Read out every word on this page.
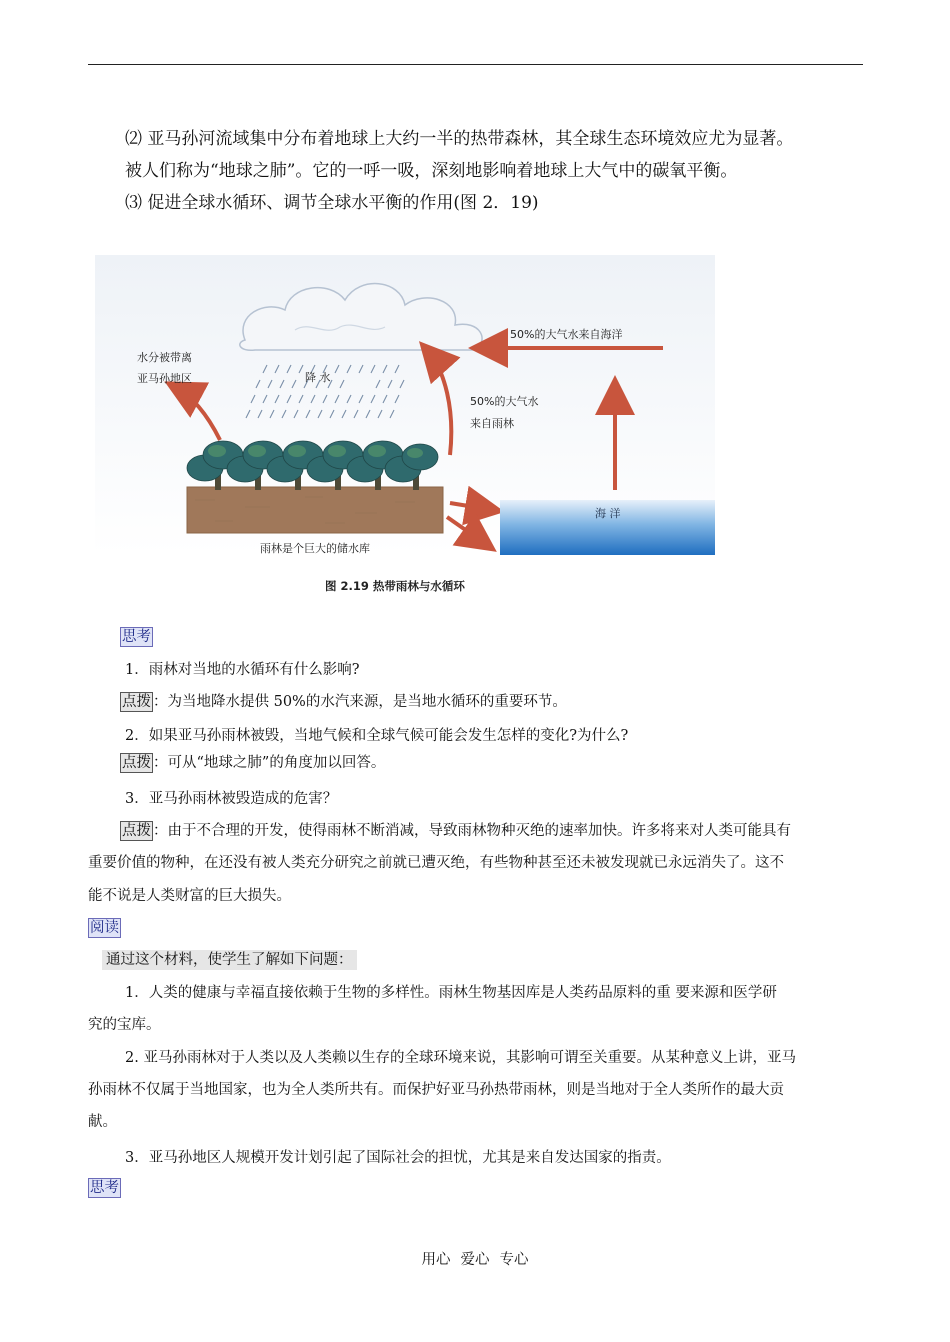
⑵ 亚马孙河流域集中分布着地球上大约一半的热带森林，其全球生态环境效应尤为显著。
被人们称为“地球之肺”。它的一呼一吸，深刻地影响着地球上大气中的碳氧平衡。
⑶ 促进全球水循环、调节全球水平衡的作用(图 2．19)
降 水
水分被带离
亚马孙地区
50%的大气水来自海洋
50%的大气水
来自雨林
雨林是个巨大的储水库
海 洋
图 2.19 热带雨林与水循环
思考
1．雨林对当地的水循环有什么影响?
点拨 ：为当地降水提供 50%的水汽来源，是当地水循环的重要环节。
2．如果亚马孙雨林被毁，当地气候和全球气候可能会发生怎样的变化?为什么?
点拨 ：可从“地球之肺”的角度加以回答。
3．亚马孙雨林被毁造成的危害？
点拨 ：由于不合理的开发，使得雨林不断消减，导致雨林物种灭绝的速率加快。许多将来对人类可能具有
重要价值的物种，在还没有被人类充分研究之前就已遭灭绝，有些物种甚至还未被发现就已永远消失了。这不
能不说是人类财富的巨大损失。
阅读
通过这个材料，使学生了解如下问题：
1．人类的健康与幸福直接依赖于生物的多样性。雨林生物基因库是人类药品原料的重 要来源和医学研
究的宝库。
2. 亚马孙雨林对于人类以及人类赖以生存的全球环境来说，其影响可谓至关重要。从某种意义上讲，亚马
孙雨林不仅属于当地国家，也为全人类所共有。而保护好亚马孙热带雨林，则是当地对于全人类所作的最大贡
献。
3．亚马孙地区人规模开发计划引起了国际社会的担忧，尤其是来自发达国家的指责。
思考
用心 爱心 专心
